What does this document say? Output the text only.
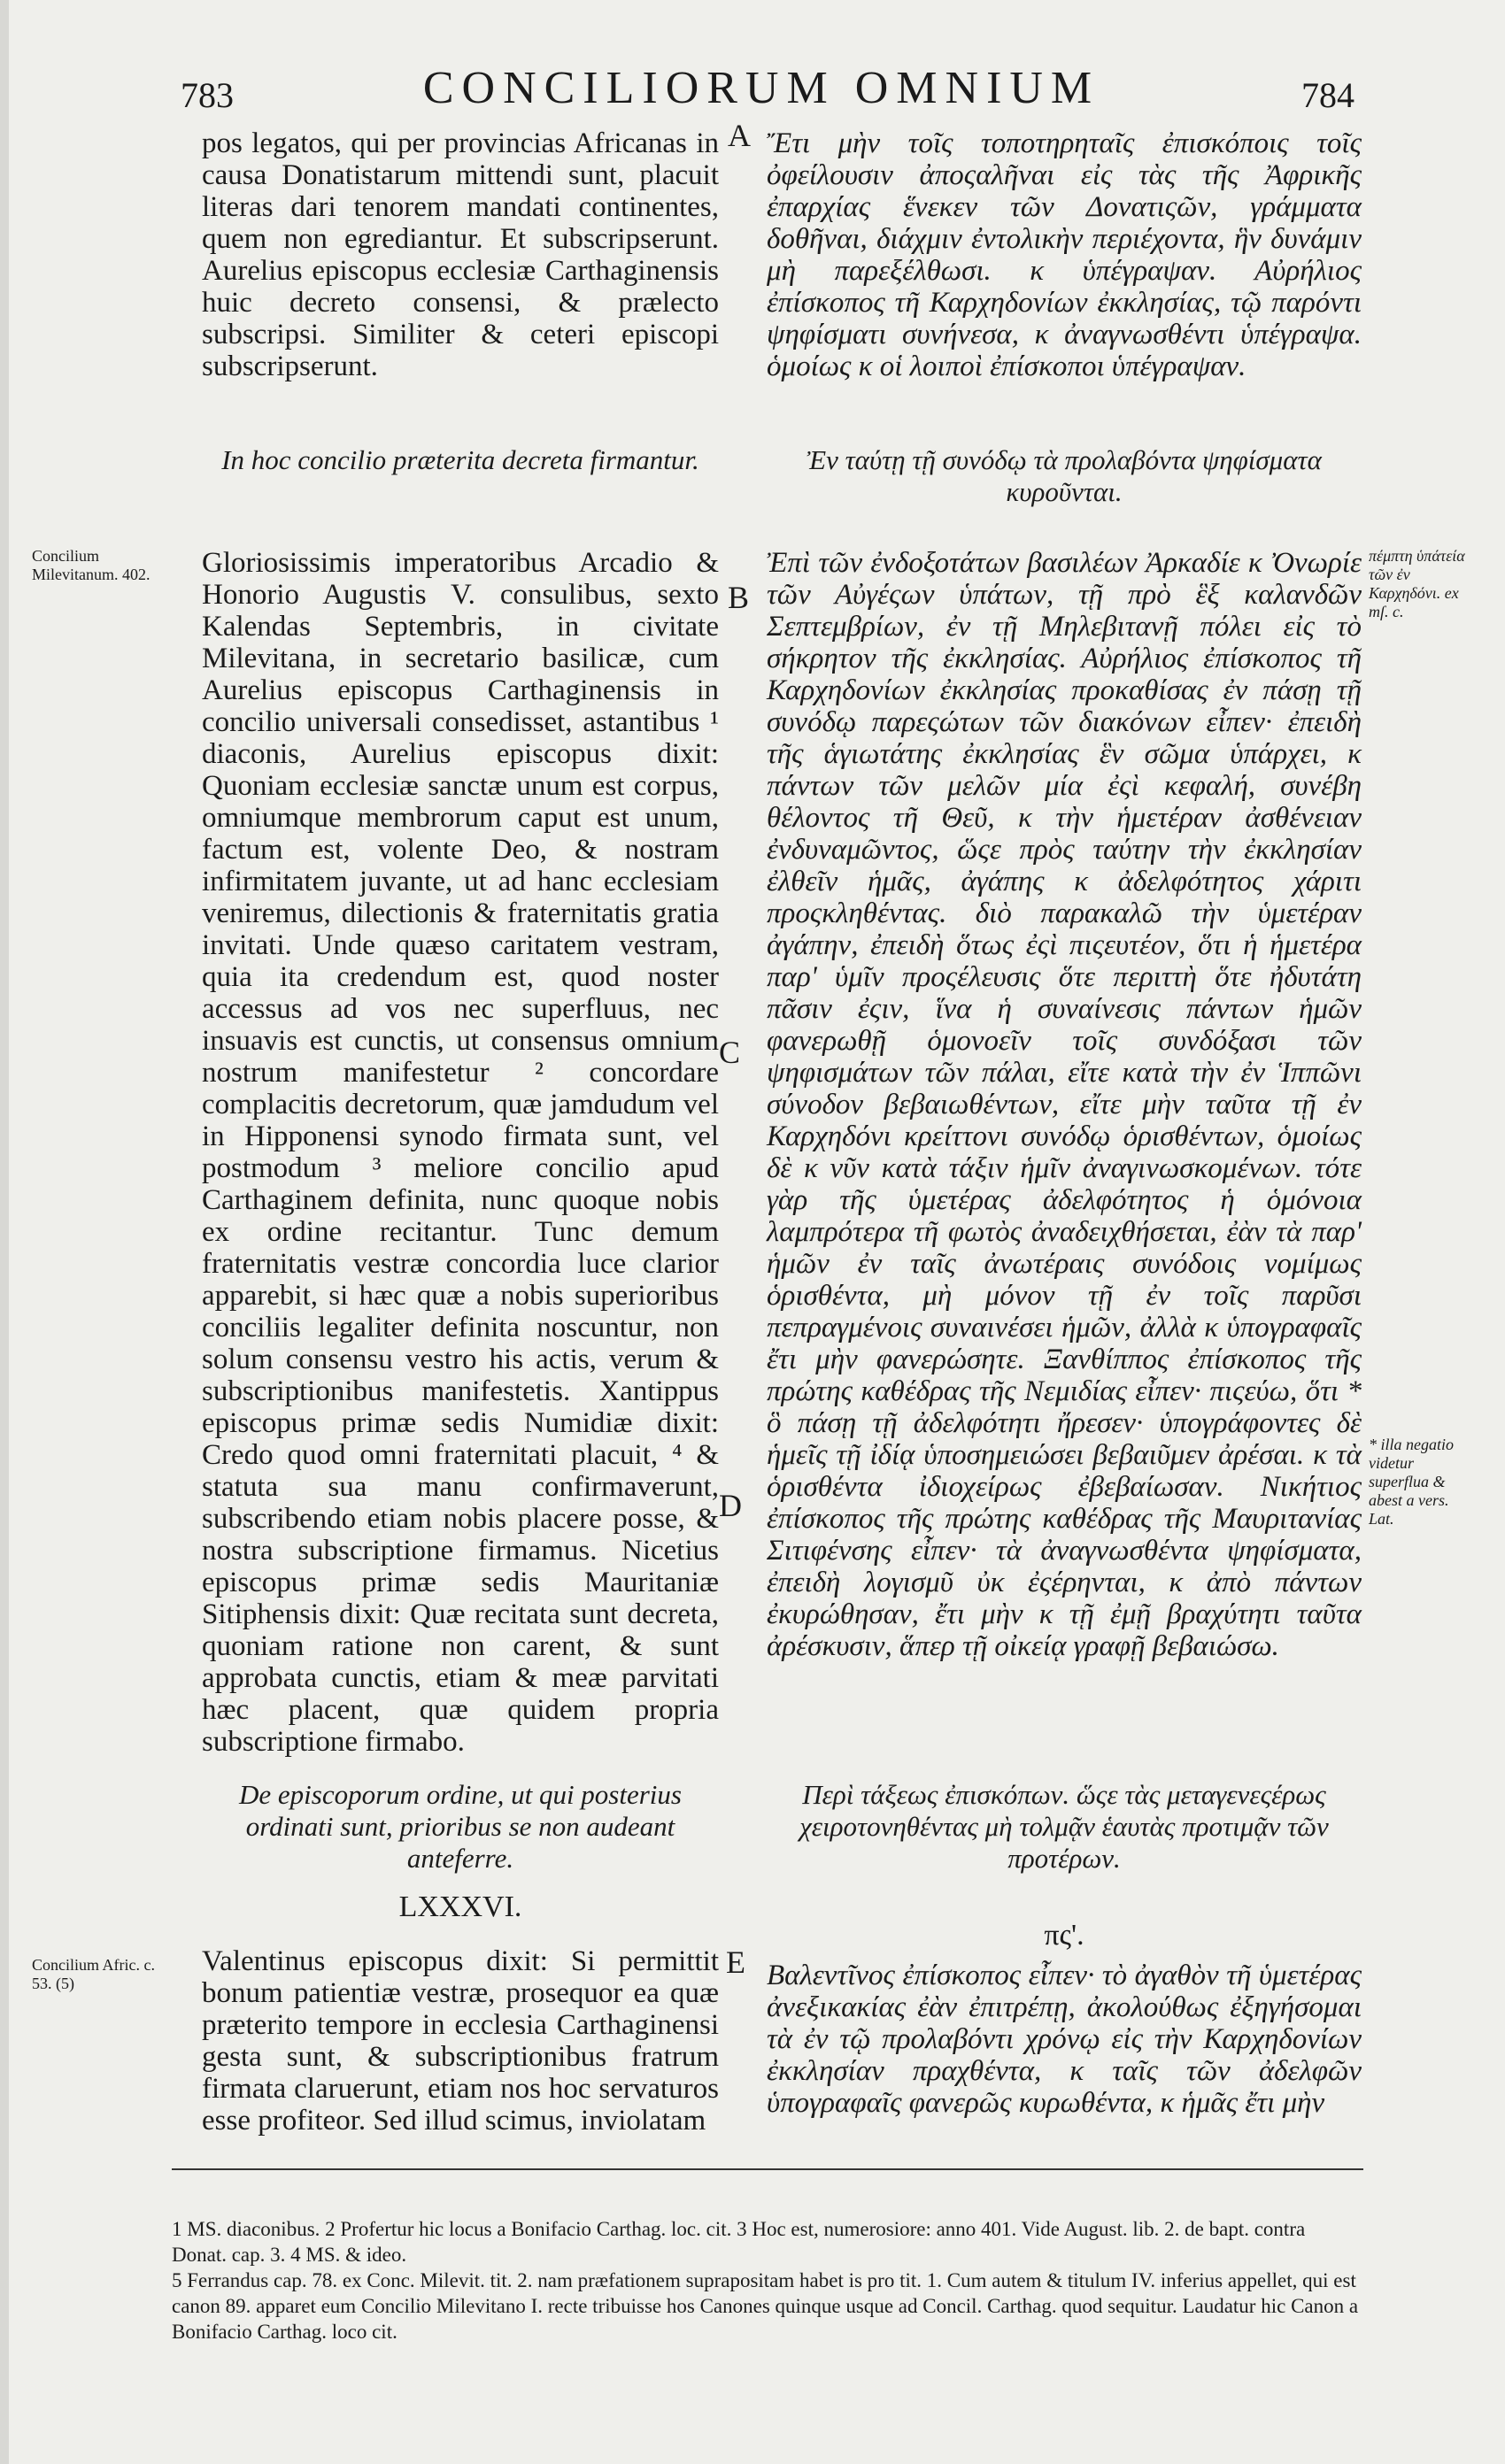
783	CONCILIORUM OMNIUM	784

pos legatos, qui per provincias Africanas in causa Donatistarum mittendi sunt, placuit literas dari tenorem mandati continentes, quem non egrediantur. Et subscripserunt. Aurelius episcopus ecclesiæ Carthaginensis huic decreto consensi, & prælecto subscripsi. Similiter & ceteri episcopi subscripserunt.

In hoc concilio præterita decreta firmantur.

Gloriosissimis imperatoribus Arcadio & Honorio Augustis V. consulibus, sexto Kalendas Septembris, in civitate Milevitana, in secretario basilicæ, cum Aurelius episcopus Carthaginensis in concilio universali consedisset, astantibus ¹ diaconis, Aurelius episcopus dixit: Quoniam ecclesiæ sanctæ unum est corpus, omniumque membrorum caput est unum, factum est, volente Deo, & nostram infirmitatem juvante, ut ad hanc ecclesiam veniremus, dilectionis & fraternitatis gratia invitati. Unde quæso caritatem vestram, quia ita credendum est, quod noster accessus ad vos nec superfluus, nec insuavis est cunctis, ut consensus omnium nostrum manifestetur ² concordare complacitis decretorum, quæ jamdudum vel in Hipponensi synodo firmata sunt, vel postmodum ³ meliore concilio apud Carthaginem definita, nunc quoque nobis ex ordine recitantur. Tunc demum fraternitatis vestræ concordia luce clarior apparebit, si hæc quæ a nobis superioribus conciliis legaliter definita noscuntur, non solum consensu vestro his actis, verum & subscriptionibus manifestetis. Xantippus episcopus primæ sedis Numidiæ dixit: Credo quod omni fraternitati placuit, ⁴ & statuta sua manu confirmaverunt, subscribendo etiam nobis placere posse, & nostra subscriptione firmamus. Nicetius episcopus primæ sedis Mauritaniæ Sitiphensis dixit: Quæ recitata sunt decreta, quoniam ratione non carent, & sunt approbata cunctis, etiam & meæ parvitati hæc placent, quæ quidem propria subscriptione firmabo.

De episcoporum ordine, ut qui posterius ordinati sunt, prioribus se non audeant anteferre.
LXXXVI.

Valentinus episcopus dixit: Si permittit bonum patientiæ vestræ, prosequor ea quæ præterito tempore in ecclesia Carthaginensi gesta sunt, & subscriptionibus fratrum firmata claruerunt, etiam nos hoc servaturos esse profiteor. Sed illud scimus, inviolatam

Ἔτι μὴν τοῖς τοποτηρηταῖς ἐπισκόποις τοῖς ὀφείλουσιν ἀποςαλῆναι εἰς τὰς τῆς Ἀφρικῆς ἐπαρχίας ἕνεκεν τῶν Δονατιςῶν, γράμματα δοθῆναι, διάχμιν ἐντολικὴν περιέχοντα, ἣν δυνάμιν μὴ παρεξέλθωσι. κ ὑπέγραψαν. Αὐρήλιος ἐπίσκοπος τῆ Καρχηδονίων ἐκκλησίας, τῷ παρόντι ψηφίσματι συνήνεσα, κ ἀναγνωσθέντι ὑπέγραψα. ὁμοίως κ οἱ λοιποὶ ἐπίσκοποι ὑπέγραψαν.

Ἐν ταύτῃ τῇ συνόδῳ τὰ προλαβόντα ψηφίσματα κυροῦνται.

Ἐπὶ τῶν ἐνδοξοτάτων βασιλέων Ἀρκαδίε κ Ὀνωρίε τῶν Αὐγέςων ὑπάτων, τῇ πρὸ ἓξ καλανδῶν Σεπτεμβρίων, ἐν τῇ Μηλεβιτανῇ πόλει εἰς τὸ σήκρητον τῆς ἐκκλησίας. Αὐρήλιος ἐπίσκοπος τῆ Καρχηδονίων ἐκκλησίας προκαθίσας ἐν πάσῃ τῇ συνόδῳ παρεςώτων τῶν διακόνων εἶπεν· ἐπειδὴ τῆς ἁγιωτάτης ἐκκλησίας ἓν σῶμα ὑπάρχει, κ πάντων τῶν μελῶν μία ἐςὶ κεφαλή, συνέβη θέλοντος τῆ Θεῦ, κ τὴν ἡμετέραν ἀσθένειαν ἐνδυναμῶντος, ὥςε πρὸς ταύτην τὴν ἐκκλησίαν ἐλθεῖν ἡμᾶς, ἀγάπης κ ἀδελφότητος χάριτι προςκληθέντας. διὸ παρακαλῶ τὴν ὑμετέραν ἀγάπην, ἐπειδὴ ὅτως ἐςὶ πιςευτέον, ὅτι ἡ ἡμετέρα παρ' ὑμῖν προςέλευσις ὅτε περιττὴ ὅτε ἠδυτάτη πᾶσιν ἐςιν, ἵνα ἡ συναίνεσις πάντων ἡμῶν φανερωθῇ ὁμονοεῖν τοῖς συνδόξασι τῶν ψηφισμάτων τῶν πάλαι, εἴτε κατὰ τὴν ἐν Ἱππῶνι σύνοδον βεβαιωθέντων, εἴτε μὴν ταῦτα τῇ ἐν Καρχηδόνι κρείττονι συνόδῳ ὁρισθέντων, ὁμοίως δὲ κ νῦν κατὰ τάξιν ἡμῖν ἀναγινωσκομένων. τότε γὰρ τῆς ὑμετέρας ἀδελφότητος ἡ ὁμόνοια λαμπρότερα τῆ φωτὸς ἀναδειχθήσεται, ἐὰν τὰ παρ' ἡμῶν ἐν ταῖς ἀνωτέραις συνόδοις νομίμως ὁρισθέντα, μὴ μόνον τῇ ἐν τοῖς παρῦσι πεπραγμένοις συναινέσει ἡμῶν, ἀλλὰ κ ὑπογραφαῖς ἔτι μὴν φανερώσητε. Ξανθίππος ἐπίσκοπος τῆς πρώτης καθέδρας τῆς Νεμιδίας εἶπεν· πιςεύω, ὅτι * ὃ πάσῃ τῇ ἀδελφότητι ἤρεσεν· ὑπογράφοντες δὲ ἡμεῖς τῇ ἰδίᾳ ὑποσημειώσει βεβαιῦμεν ἀρέσαι. κ τὰ ὁρισθέντα ἰδιοχείρως ἐβεβαίωσαν. Νικήτιος ἐπίσκοπος τῆς πρώτης καθέδρας τῆς Μαυριτανίας Σιτιφένσης εἶπεν· τὰ ἀναγνωσθέντα ψηφίσματα, ἐπειδὴ λογισμῦ ὐκ ἐςέρηνται, κ ἀπὸ πάντων ἐκυρώθησαν, ἔτι μὴν κ τῇ ἐμῇ βραχύτητι ταῦτα ἀρέσκυσιν, ἅπερ τῇ οἰκείᾳ γραφῇ βεβαιώσω.

Περὶ τάξεως ἐπισκόπων. ὥςε τὰς μεταγενεςέρως χειροτονηθέντας μὴ τολμᾷν ἑαυτὰς προτιμᾷν τῶν προτέρων.
πς'.

Βαλεντῖνος ἐπίσκοπος εἶπεν· τὸ ἀγαθὸν τῆ ὑμετέρας ἀνεξικακίας ἐὰν ἐπιτρέπῃ, ἀκολούθως ἐξηγήσομαι τὰ ἐν τῷ προλαβόντι χρόνῳ εἰς τὴν Καρχηδονίων ἐκκλησίαν πραχθέντα, κ ταῖς τῶν ἀδελφῶν ὑπογραφαῖς φανερῶς κυρωθέντα, κ ἡμᾶς ἔτι μὴν

A
B
C
D
E
Concilium Milevitanum. 402.
Concilium Afric. c. 53. (5)
πέμπτη ὑπάτεία τῶν ἐν Καρχηδόνι. ex mſ. c.
* illa negatio videtur superflua & abest a vers. Lat.

1 MS. diaconibus. 2 Profertur hic locus a Bonifacio Carthag. loc. cit. 3 Hoc est, numerosiore: anno 401. Vide August. lib. 2. de bapt. contra Donat. cap. 3. 4 MS. & ideo.

5 Ferrandus cap. 78. ex Conc. Milevit. tit. 2. nam præfationem suprapositam habet is pro tit. 1. Cum autem & titulum IV. inferius appellet, qui est canon 89. apparet eum Concilio Milevitano I. recte tribuisse hos Canones quinque usque ad Concil. Carthag. quod sequitur. Laudatur hic Canon a Bonifacio Carthag. loco cit.
